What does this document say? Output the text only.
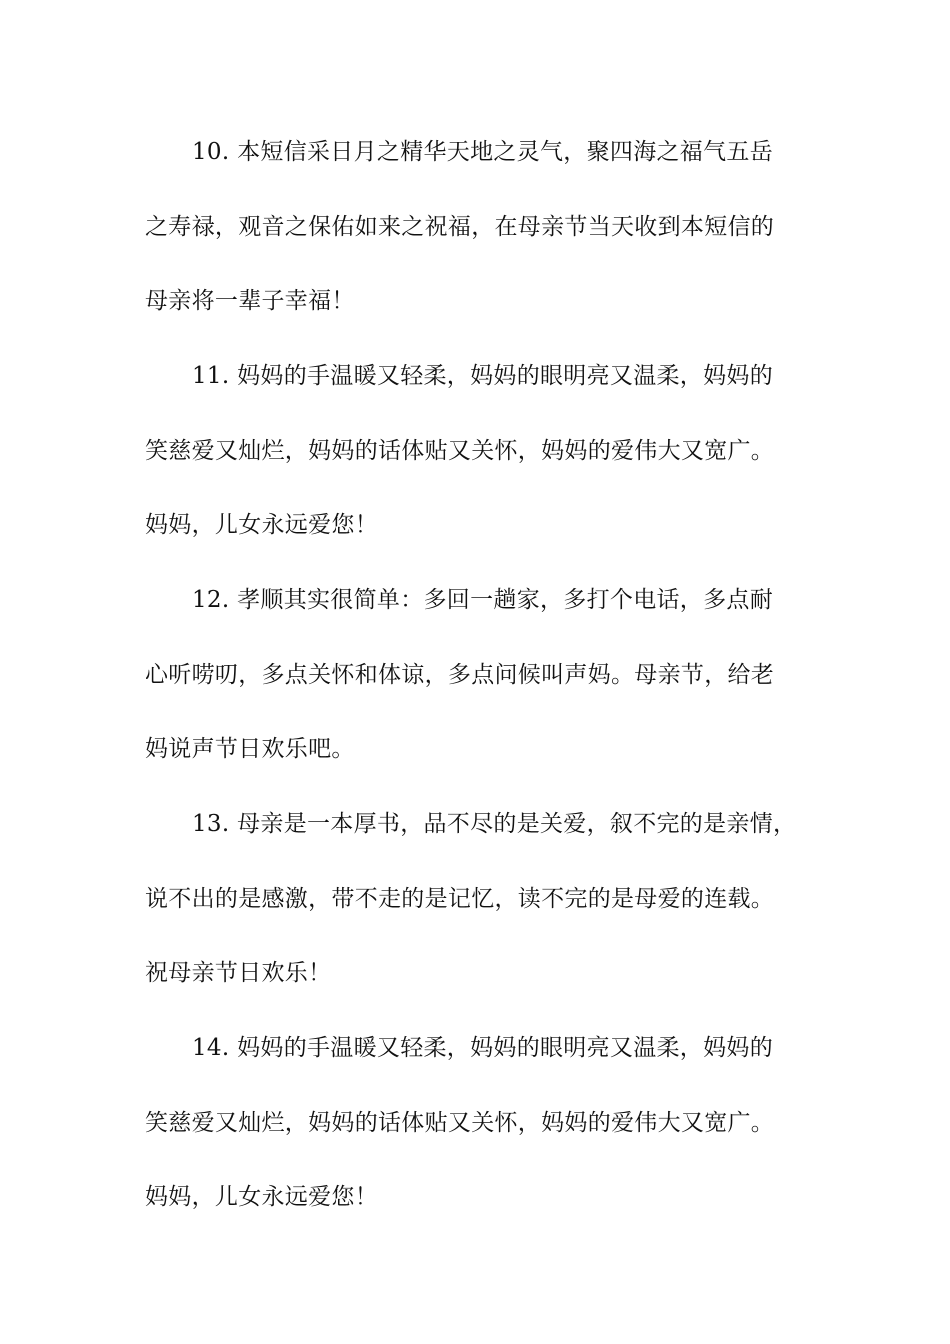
10. 本短信采日月之精华天地之灵气，聚四海之福气五岳
之寿禄，观音之保佑如来之祝福，在母亲节当天收到本短信的
母亲将一辈子幸福！
11. 妈妈的手温暖又轻柔，妈妈的眼明亮又温柔，妈妈的
笑慈爱又灿烂，妈妈的话体贴又关怀，妈妈的爱伟大又宽广。
妈妈，儿女永远爱您！
12. 孝顺其实很简单：多回一趟家，多打个电话，多点耐
心听唠叨，多点关怀和体谅，多点问候叫声妈。母亲节，给老
妈说声节日欢乐吧。
13. 母亲是一本厚书，品不尽的是关爱，叙不完的是亲情，
说不出的是感激，带不走的是记忆，读不完的是母爱的连载。
祝母亲节日欢乐！
14. 妈妈的手温暖又轻柔，妈妈的眼明亮又温柔，妈妈的
笑慈爱又灿烂，妈妈的话体贴又关怀，妈妈的爱伟大又宽广。
妈妈，儿女永远爱您！
